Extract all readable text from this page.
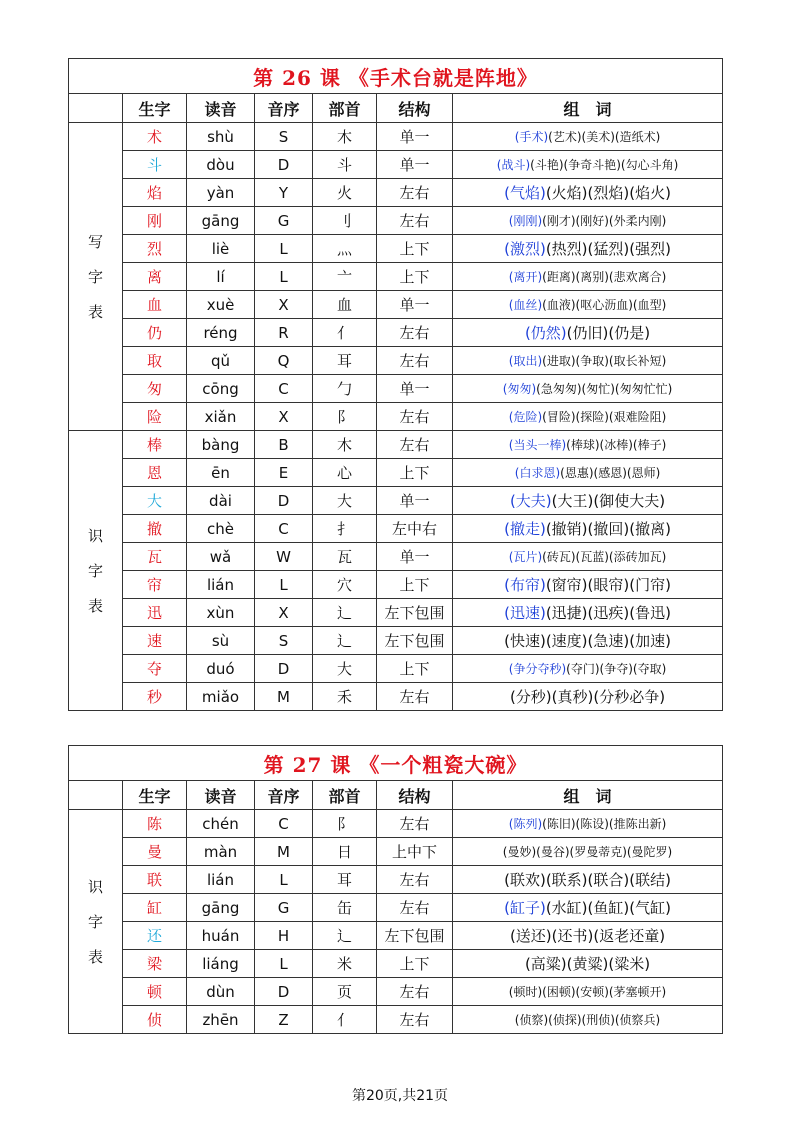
第 26 课 《手术台就是阵地》						
	生字	读音	音序	部首	结构	组　词

写
字
表	术	shù	S	木	单一	(手术)(艺术)(美术)(造纸术)
	斗	dòu	D	斗	单一	(战斗)(斗艳)(争奇斗艳)(勾心斗角)
	焰	yàn	Y	火	左右	(气焰)(火焰)(烈焰)(焰火)
	刚	gāng	G	刂	左右	(刚刚)(刚才)(刚好)(外柔内刚)
	烈	liè	L	灬	上下	(激烈)(热烈)(猛烈)(强烈)
	离	lí	L	亠	上下	(离开)(距离)(离别)(悲欢离合)
	血	xuè	X	血	单一	(血丝)(血液)(呕心沥血)(血型)
	仍	réng	R	亻	左右	(仍然)(仍旧)(仍是)
	取	qǔ	Q	耳	左右	(取出)(进取)(争取)(取长补短)
	匆	cōng	C	勹	单一	(匆匆)(急匆匆)(匆忙)(匆匆忙忙)
	险	xiǎn	X	阝	左右	(危险)(冒险)(探险)(艰难险阻)

识
字
表	棒	bàng	B	木	左右	(当头一棒)(棒球)(冰棒)(棒子)
	恩	ēn	E	心	上下	(白求恩)(恩惠)(感恩)(恩师)
	大	dài	D	大	单一	(大夫)(大王)(御使大夫)
	撤	chè	C	扌	左中右	(撤走)(撤销)(撤回)(撤离)
	瓦	wǎ	W	瓦	单一	(瓦片)(砖瓦)(瓦蓝)(添砖加瓦)
	帘	lián	L	穴	上下	(布帘)(窗帘)(眼帘)(门帘)
	迅	xùn	X	辶	左下包围	(迅速)(迅捷)(迅疾)(鲁迅)
	速	sù	S	辶	左下包围	(快速)(速度)(急速)(加速)
	夺	duó	D	大	上下	(争分夺秒)(夺门)(争夺)(夺取)
	秒	miǎo	M	禾	左右	(分秒)(真秒)(分秒必争)
第 27 课 《一个粗瓷大碗》						
	生字	读音	音序	部首	结构	组　词

识
字
表	陈	chén	C	阝	左右	(陈列)(陈旧)(陈设)(推陈出新)
	曼	màn	M	日	上中下	(曼妙)(曼谷)(罗曼蒂克)(曼陀罗)
	联	lián	L	耳	左右	(联欢)(联系)(联合)(联结)
	缸	gāng	G	缶	左右	(缸子)(水缸)(鱼缸)(气缸)
	还	huán	H	辶	左下包围	(送还)(还书)(返老还童)
	梁	liáng	L	米	上下	(高粱)(黄粱)(粱米)
	顿	dùn	D	页	左右	(顿时)(困顿)(安顿)(茅塞顿开)
	侦	zhēn	Z	亻	左右	(侦察)(侦探)(刑侦)(侦察兵)
第20页,共21页
